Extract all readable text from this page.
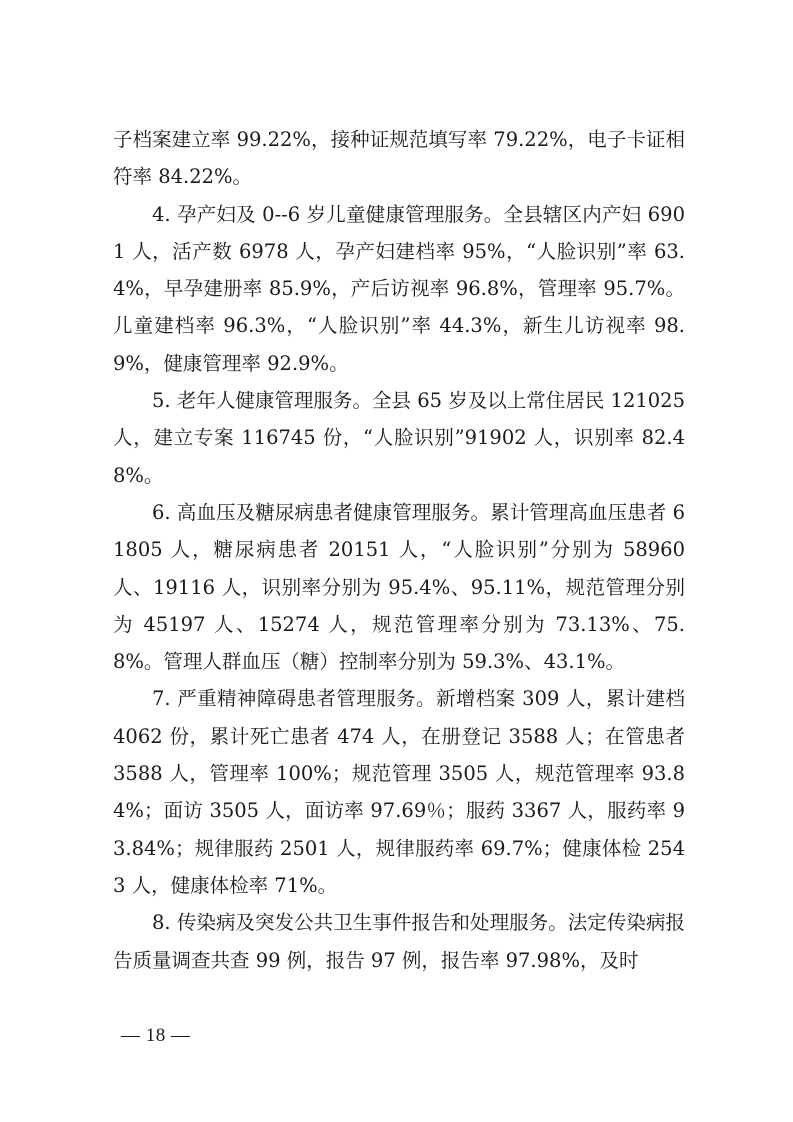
子档案建立率 99.22%，接种证规范填写率 79.22%，电子卡证相符率 84.22%。

4. 孕产妇及 0--6 岁儿童健康管理服务。全县辖区内产妇 6901 人，活产数 6978 人，孕产妇建档率 95%，“人脸识别”率 63.4%，早孕建册率 85.9%，产后访视率 96.8%，管理率 95.7%。儿童建档率 96.3%，“人脸识别”率 44.3%，新生儿访视率 98.9%，健康管理率 92.9%。

5. 老年人健康管理服务。全县 65 岁及以上常住居民 121025 人，建立专案 116745 份，“人脸识别”91902 人，识别率 82.48%。

6. 高血压及糖尿病患者健康管理服务。累计管理高血压患者 61805 人，糖尿病患者 20151 人，“人脸识别”分别为 58960 人、19116 人，识别率分别为 95.4%、95.11%，规范管理分别为 45197 人、15274 人，规范管理率分别为 73.13%、75.8%。管理人群血压（糖）控制率分别为 59.3%、43.1%。

7. 严重精神障碍患者管理服务。新增档案 309 人，累计建档 4062 份，累计死亡患者 474 人，在册登记 3588 人；在管患者 3588 人，管理率 100%；规范管理 3505 人，规范管理率 93.84%；面访 3505 人，面访率 97.69％；服药 3367 人，服药率 93.84%；规律服药 2501 人，规律服药率 69.7%；健康体检 2543 人，健康体检率 71%。

8. 传染病及突发公共卫生事件报告和处理服务。法定传染病报告质量调查共查 99 例，报告 97 例，报告率 97.98%，及时

— 18 —
